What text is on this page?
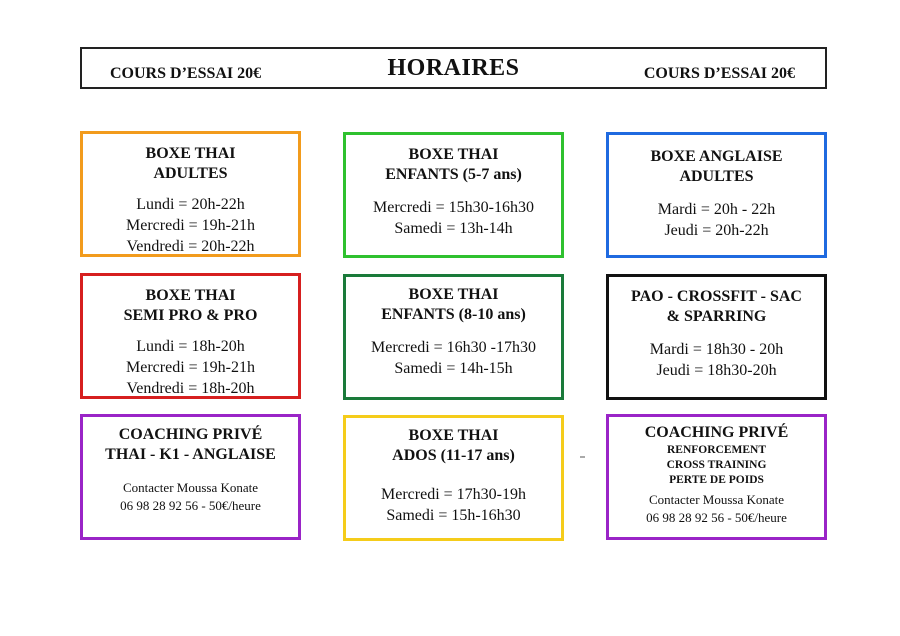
COURS D’ESSAI 20€	HORAIRES	COURS D’ESSAI 20€
BOXE THAI
ADULTES
Lundi = 20h-22h
Mercredi = 19h-21h
Vendredi = 20h-22h
BOXE THAI
ENFANTS (5-7 ans)
Mercredi = 15h30-16h30
Samedi = 13h-14h
BOXE ANGLAISE
ADULTES
Mardi = 20h - 22h
Jeudi = 20h-22h
BOXE THAI
SEMI PRO & PRO
Lundi = 18h-20h
Mercredi = 19h-21h
Vendredi = 18h-20h
BOXE THAI
ENFANTS (8-10 ans)
Mercredi = 16h30 -17h30
Samedi = 14h-15h
PAO - CROSSFIT - SAC
& SPARRING
Mardi = 18h30 - 20h
Jeudi = 18h30-20h
COACHING PRIVÉ
THAI - K1 - ANGLAISE
Contacter Moussa Konate
06 98 28 92 56 - 50€/heure
BOXE THAI
ADOS (11-17 ans)
Mercredi = 17h30-19h
Samedi = 15h-16h30
COACHING PRIVÉ
RENFORCEMENT
CROSS TRAINING
PERTE DE POIDS
Contacter Moussa Konate
06 98 28 92 56 - 50€/heure
